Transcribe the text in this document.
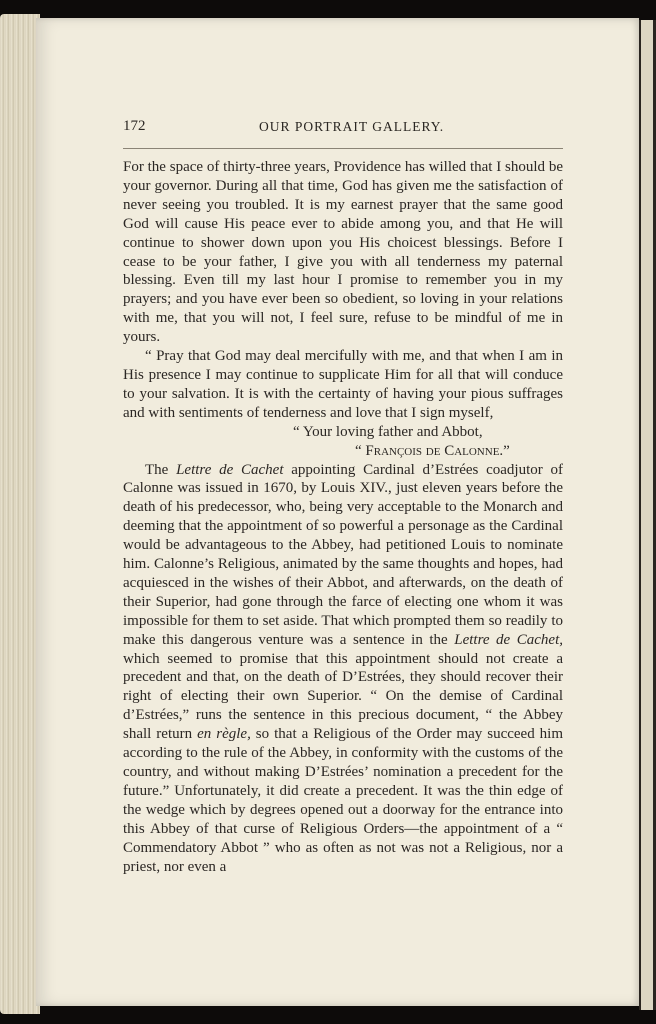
172	OUR PORTRAIT GALLERY.

For the space of thirty-three years, Providence has willed that I should be your governor. During all that time, God has given me the satisfaction of never seeing you troubled. It is my earnest prayer that the same good God will cause His peace ever to abide among you, and that He will continue to shower down upon you His choicest blessings. Before I cease to be your father, I give you with all tenderness my paternal blessing. Even till my last hour I promise to remember you in my prayers; and you have ever been so obedient, so loving in your relations with me, that you will not, I feel sure, refuse to be mindful of me in yours.

“ Pray that God may deal mercifully with me, and that when I am in His presence I may continue to supplicate Him for all that will conduce to your salvation. It is with the certainty of having your pious suffrages and with sentiments of tenderness and love that I sign myself,

“ Your loving father and Abbot,

“ François de Calonne.”

The Lettre de Cachet appointing Cardinal d’Estrées coadjutor of Calonne was issued in 1670, by Louis XIV., just eleven years before the death of his predecessor, who, being very acceptable to the Monarch and deeming that the appointment of so powerful a personage as the Cardinal would be advantageous to the Abbey, had petitioned Louis to nominate him. Calonne’s Religious, animated by the same thoughts and hopes, had acquiesced in the wishes of their Abbot, and afterwards, on the death of their Superior, had gone through the farce of electing one whom it was impossible for them to set aside. That which prompted them so readily to make this dangerous venture was a sentence in the Lettre de Cachet, which seemed to promise that this appointment should not create a precedent and that, on the death of D’Estrées, they should recover their right of electing their own Superior. “ On the demise of Cardinal d’Estrées,” runs the sentence in this precious document, “ the Abbey shall return en règle, so that a Religious of the Order may succeed him according to the rule of the Abbey, in conformity with the customs of the country, and without making D’Estrées’ nomination a precedent for the future.” Unfortunately, it did create a precedent. It was the thin edge of the wedge which by degrees opened out a doorway for the entrance into this Abbey of that curse of Religious Orders—the appointment of a “ Commendatory Abbot ” who as often as not was not a Religious, nor a priest, nor even a
